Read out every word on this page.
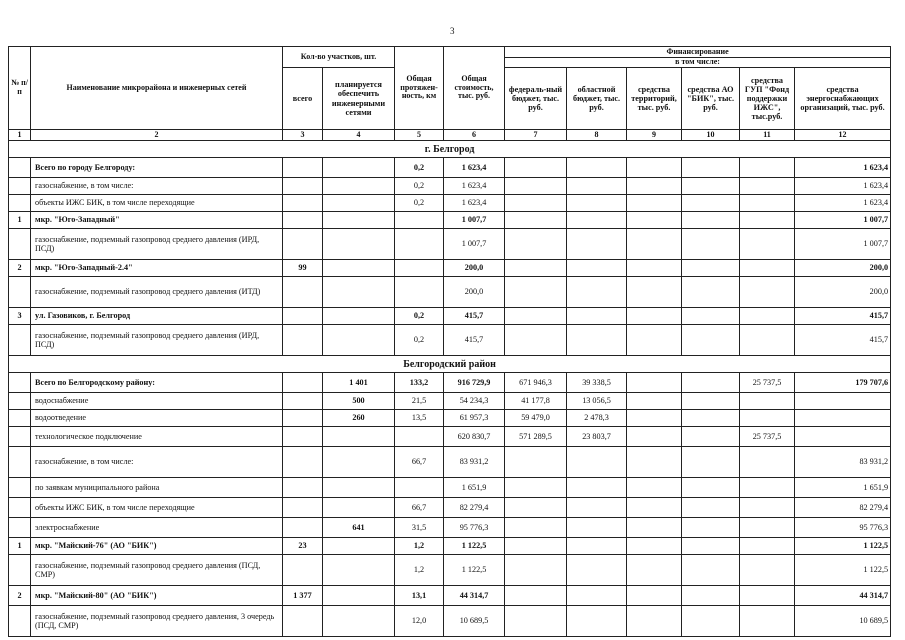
3
№ п/п	Наименование микрорайона и инженерных сетей	Кол-во участков, шт.		Общая протяжен-ность, км	Общая стоимость, тыс. руб.	Финансирование					
						в том числе:					
		всего	планируется обеспечить инженерными сетями			федераль-ный бюджет, тыс. руб.	областной бюджет, тыс. руб.	средства территорий, тыс. руб.	средства АО "БИК", тыс. руб.	средства ГУП "Фонд поддержки ИЖС", тыс.руб.	средства энергоснабжающих организаций, тыс. руб.
1	2	3	4	5	6	7	8	9	10	11	12
г. Белгород											
	Всего по городу Белгороду:			0,2	1 623,4						1 623,4
	газоснабжение, в том числе:			0,2	1 623,4						1 623,4
	объекты ИЖС БИК, в том числе переходящие			0,2	1 623,4						1 623,4
1	мкр. "Юго-Западный"				1 007,7						1 007,7
	газоснабжение, подземный газопровод среднего давления (ИРД, ПСД)				1 007,7						1 007,7
2	мкр. "Юго-Западный-2.4"	99			200,0						200,0
	газоснабжение, подземный газопровод среднего давления (ИТД)				200,0						200,0
3	ул. Газовиков, г. Белгород			0,2	415,7						415,7
	газоснабжение, подземный газопровод среднего давления (ИРД, ПСД)			0,2	415,7						415,7
Белгородский район											
	Всего по Белгородскому району:		1 401	133,2	916 729,9	671 946,3	39 338,5			25 737,5	179 707,6
	водоснабжение		500	21,5	54 234,3	41 177,8	13 056,5				
	водоотведение		260	13,5	61 957,3	59 479,0	2 478,3				
	технологическое подключение				620 830,7	571 289,5	23 803,7			25 737,5	
	газоснабжение, в том числе:			66,7	83 931,2						83 931,2
	по заявкам муниципального района				1 651,9						1 651,9
	объекты ИЖС БИК, в том числе переходящие			66,7	82 279,4						82 279,4
	электроснабжение		641	31,5	95 776,3						95 776,3
1	мкр. "Майский-76" (АО "БИК")	23		1,2	1 122,5						1 122,5
	газоснабжение, подземный газопровод среднего давления (ПСД, СМР)			1,2	1 122,5						1 122,5
2	мкр. "Майский-80" (АО "БИК")	1 377		13,1	44 314,7						44 314,7
	газоснабжение, подземный газопровод среднего давления, 3 очередь (ПСД, СМР)			12,0	10 689,5						10 689,5
